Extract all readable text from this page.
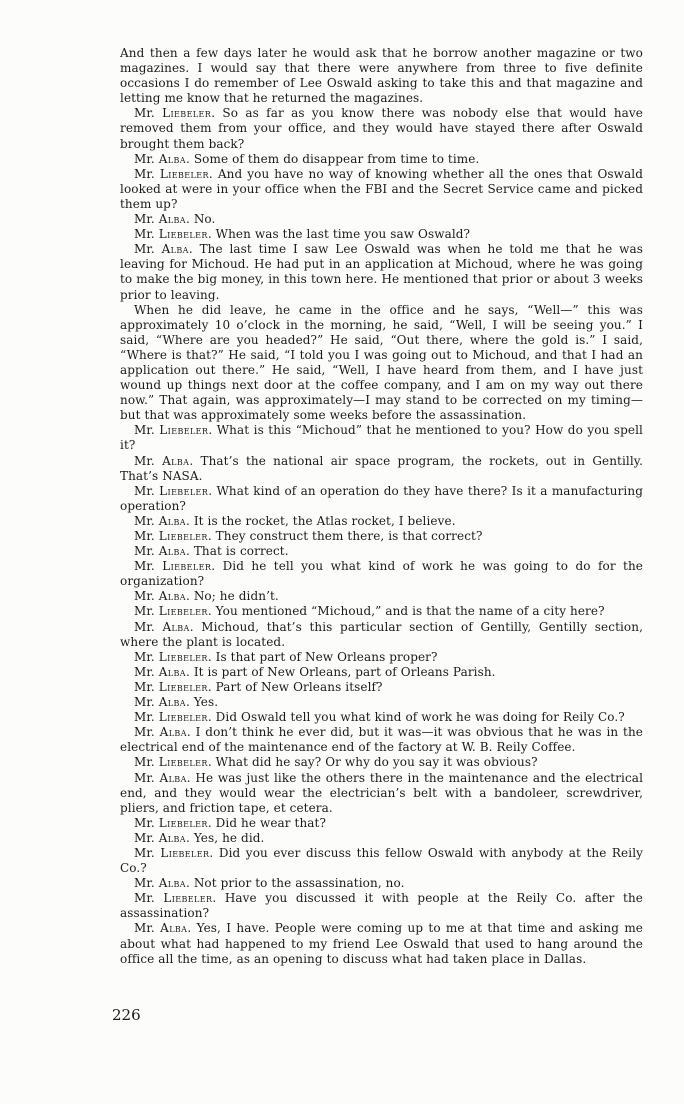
And then a few days later he would ask that he borrow another magazine or two magazines. I would say that there were anywhere from three to five definite occasions I do remember of Lee Oswald asking to take this and that magazine and letting me know that he returned the magazines.

Mr. Liebeler. So as far as you know there was nobody else that would have removed them from your office, and they would have stayed there after Oswald brought them back?

Mr. Alba. Some of them do disappear from time to time.

Mr. Liebeler. And you have no way of knowing whether all the ones that Oswald looked at were in your office when the FBI and the Secret Service came and picked them up?

Mr. Alba. No.

Mr. Liebeler. When was the last time you saw Oswald?

Mr. Alba. The last time I saw Lee Oswald was when he told me that he was leaving for Michoud. He had put in an application at Michoud, where he was going to make the big money, in this town here. He mentioned that prior or about 3 weeks prior to leaving.

When he did leave, he came in the office and he says, “Well—” this was approximately 10 o’clock in the morning, he said, “Well, I will be seeing you.” I said, “Where are you headed?” He said, “Out there, where the gold is.” I said, “Where is that?” He said, “I told you I was going out to Michoud, and that I had an application out there.” He said, “Well, I have heard from them, and I have just wound up things next door at the coffee company, and I am on my way out there now.” That again, was approximately—I may stand to be corrected on my timing—but that was approximately some weeks before the assassination.

Mr. Liebeler. What is this “Michoud” that he mentioned to you? How do you spell it?

Mr. Alba. That’s the national air space program, the rockets, out in Gentilly. That’s NASA.

Mr. Liebeler. What kind of an operation do they have there? Is it a manufacturing operation?

Mr. Alba. It is the rocket, the Atlas rocket, I believe.

Mr. Liebeler. They construct them there, is that correct?

Mr. Alba. That is correct.

Mr. Liebeler. Did he tell you what kind of work he was going to do for the organization?

Mr. Alba. No; he didn’t.

Mr. Liebeler. You mentioned “Michoud,” and is that the name of a city here?

Mr. Alba. Michoud, that’s this particular section of Gentilly, Gentilly section, where the plant is located.

Mr. Liebeler. Is that part of New Orleans proper?

Mr. Alba. It is part of New Orleans, part of Orleans Parish.

Mr. Liebeler. Part of New Orleans itself?

Mr. Alba. Yes.

Mr. Liebeler. Did Oswald tell you what kind of work he was doing for Reily Co.?

Mr. Alba. I don’t think he ever did, but it was—it was obvious that he was in the electrical end of the maintenance end of the factory at W. B. Reily Coffee.

Mr. Liebeler. What did he say? Or why do you say it was obvious?

Mr. Alba. He was just like the others there in the maintenance and the electrical end, and they would wear the electrician’s belt with a bandoleer, screwdriver, pliers, and friction tape, et cetera.

Mr. Liebeler. Did he wear that?

Mr. Alba. Yes, he did.

Mr. Liebeler. Did you ever discuss this fellow Oswald with anybody at the Reily Co.?

Mr. Alba. Not prior to the assassination, no.

Mr. Liebeler. Have you discussed it with people at the Reily Co. after the assassination?

Mr. Alba. Yes, I have. People were coming up to me at that time and asking me about what had happened to my friend Lee Oswald that used to hang around the office all the time, as an opening to discuss what had taken place in Dallas.

226
